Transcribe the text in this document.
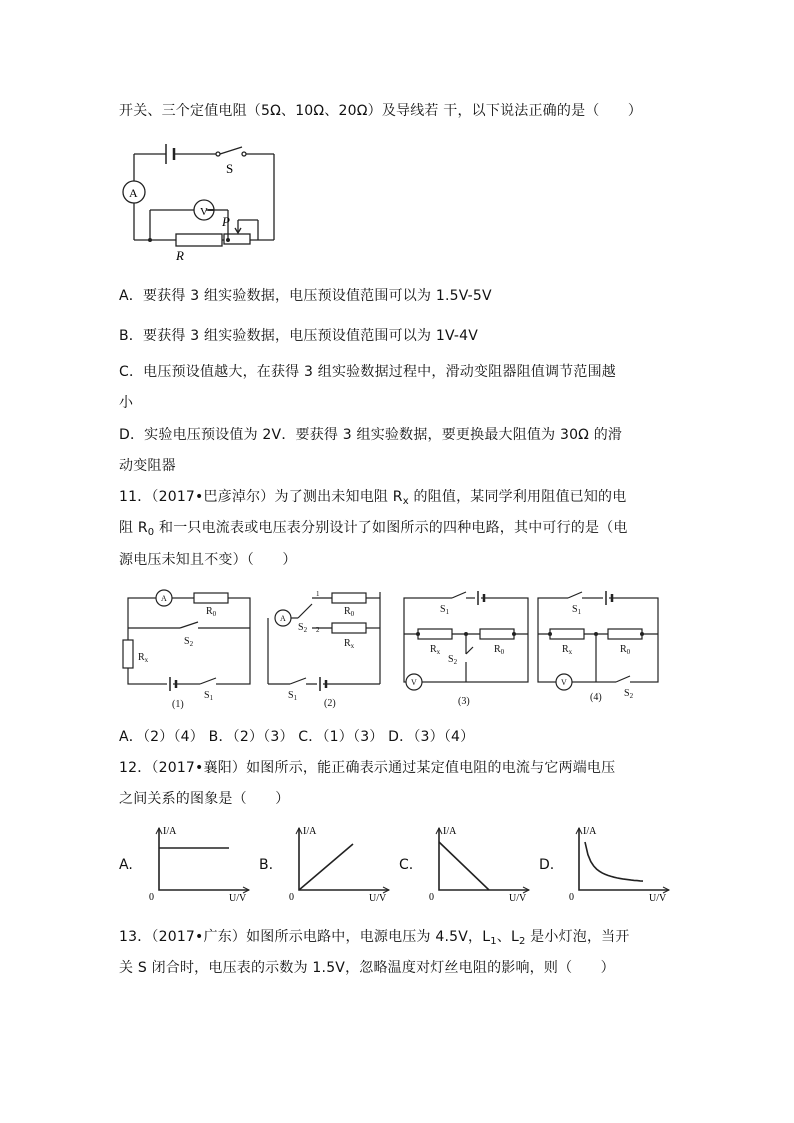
开关、三个定值电阻（5Ω、10Ω、20Ω）及导线若 干，以下说法正确的是（　　）
S
A
V
P
R
A．要获得 3 组实验数据，电压预设值范围可以为 1.5V-5V
B．要获得 3 组实验数据，电压预设值范围可以为 1V-4V
C．电压预设值越大，在获得 3 组实验数据过程中，滑动变阻器阻值调节范围越
小
D．实验电压预设值为 2V．要获得 3 组实验数据，要更换最大阻值为 30Ω 的滑
动变阻器
11．（2017•巴彦淖尔）为了测出未知电阻 $R_x$ 的阻值，某同学利用阻值已知的电
阻 $R_0$ 和一只电流表或电压表分别设计了如图所示的四种电路，其中可行的是（电
源电压未知且不变）（　　）
A
$R_0$
$S_2$
$R_x$
$S_1$
(1)
A
1
2
$R_0$
$R_x$
$S_2$
$S_1$	(2)
$S_1$
$R_x$	$R_0$
$S_2$
V
(3)
$S_1$
$R_x$	$R_0$
V
(4) $S_2$
A．（2）（4） B．（2）（3） C．（1）（3） D．（3）（4）
12．（2017•襄阳）如图所示，能正确表示通过某定值电阻的电流与它两端电压
之间关系的图象是（　　）
A.
I/A
U/V
0
B.
I/A
U/V
0
C.
I/A
U/V
0
D.
I/A
U/V
0
13．（2017•广东）如图所示电路中，电源电压为 4.5V，$L_1$、$L_2$ 是小灯泡，当开
关 S 闭合时，电压表的示数为 1.5V，忽略温度对灯丝电阻的影响，则（　　）
